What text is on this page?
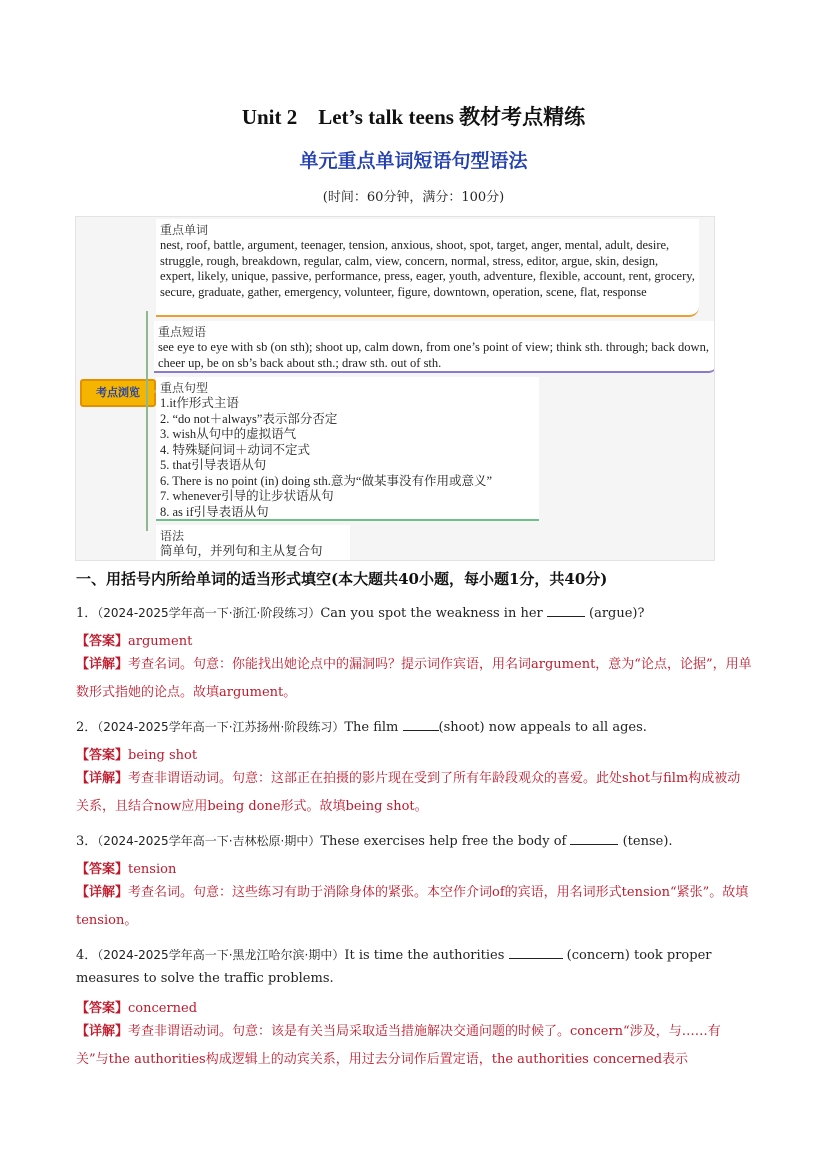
Unit 2　Let’s talk teens 教材考点精练
单元重点单词短语句型语法
(时间：60分钟，满分：100分)
考点浏览

重点单词

nest, roof, battle, argument, teenager, tension, anxious, shoot, spot, target, anger, mental, adult, desire, struggle, rough, breakdown, regular, calm, view, concern, normal, stress, editor, argue, skin, design, expert, likely, unique, passive, performance, press, eager, youth, adventure, flexible, account, rent, grocery, secure, graduate, gather, emergency, volunteer, figure, downtown, operation, scene, flat, response

重点短语

see eye to eye with sb (on sth); shoot up, calm down, from one’s point of view; think sth. through; back down, cheer up, be on sb’s back about sth.; draw sth. out of sth.

重点句型

1.it作形式主语

2. “do not＋always”表示部分否定

3. wish从句中的虚拟语气

4. 特殊疑问词＋动词不定式

5. that引导表语从句

6. There is no point (in) doing sth.意为“做某事没有作用或意义”

7. whenever引导的让步状语从句

8. as if引导表语从句

语法

简单句，并列句和主从复合句

一、用括号内所给单词的适当形式填空(本大题共40小题，每小题1分，共40分)
1．（2024-2025学年高一下·浙江·阶段练习）Can you spot the weakness in her	(argue)?
【答案】argument
【详解】考查名词。句意：你能找出她论点中的漏洞吗？提示词作宾语，用名词argument，意为“论点，论据”，用单数形式指她的论点。故填argument。
2．（2024-2025学年高一下·江苏扬州·阶段练习）The film	(shoot) now appeals to all ages.
【答案】being shot
【详解】考查非谓语动词。句意：这部正在拍摄的影片现在受到了所有年龄段观众的喜爱。此处shot与film构成被动关系，且结合now应用being done形式。故填being shot。
3．（2024-2025学年高一下·吉林松原·期中）These exercises help free the body of	(tense).
【答案】tension
【详解】考查名词。句意：这些练习有助于消除身体的紧张。本空作介词of的宾语，用名词形式tension“紧张”。故填tension。
4．（2024-2025学年高一下·黑龙江哈尔滨·期中）It is time the authorities	(concern) took proper
measures to solve the traffic problems.
【答案】concerned
【详解】考查非谓语动词。句意：该是有关当局采取适当措施解决交通问题的时候了。concern“涉及，与……有关”与the authorities构成逻辑上的动宾关系，用过去分词作后置定语，the authorities concerned表示
